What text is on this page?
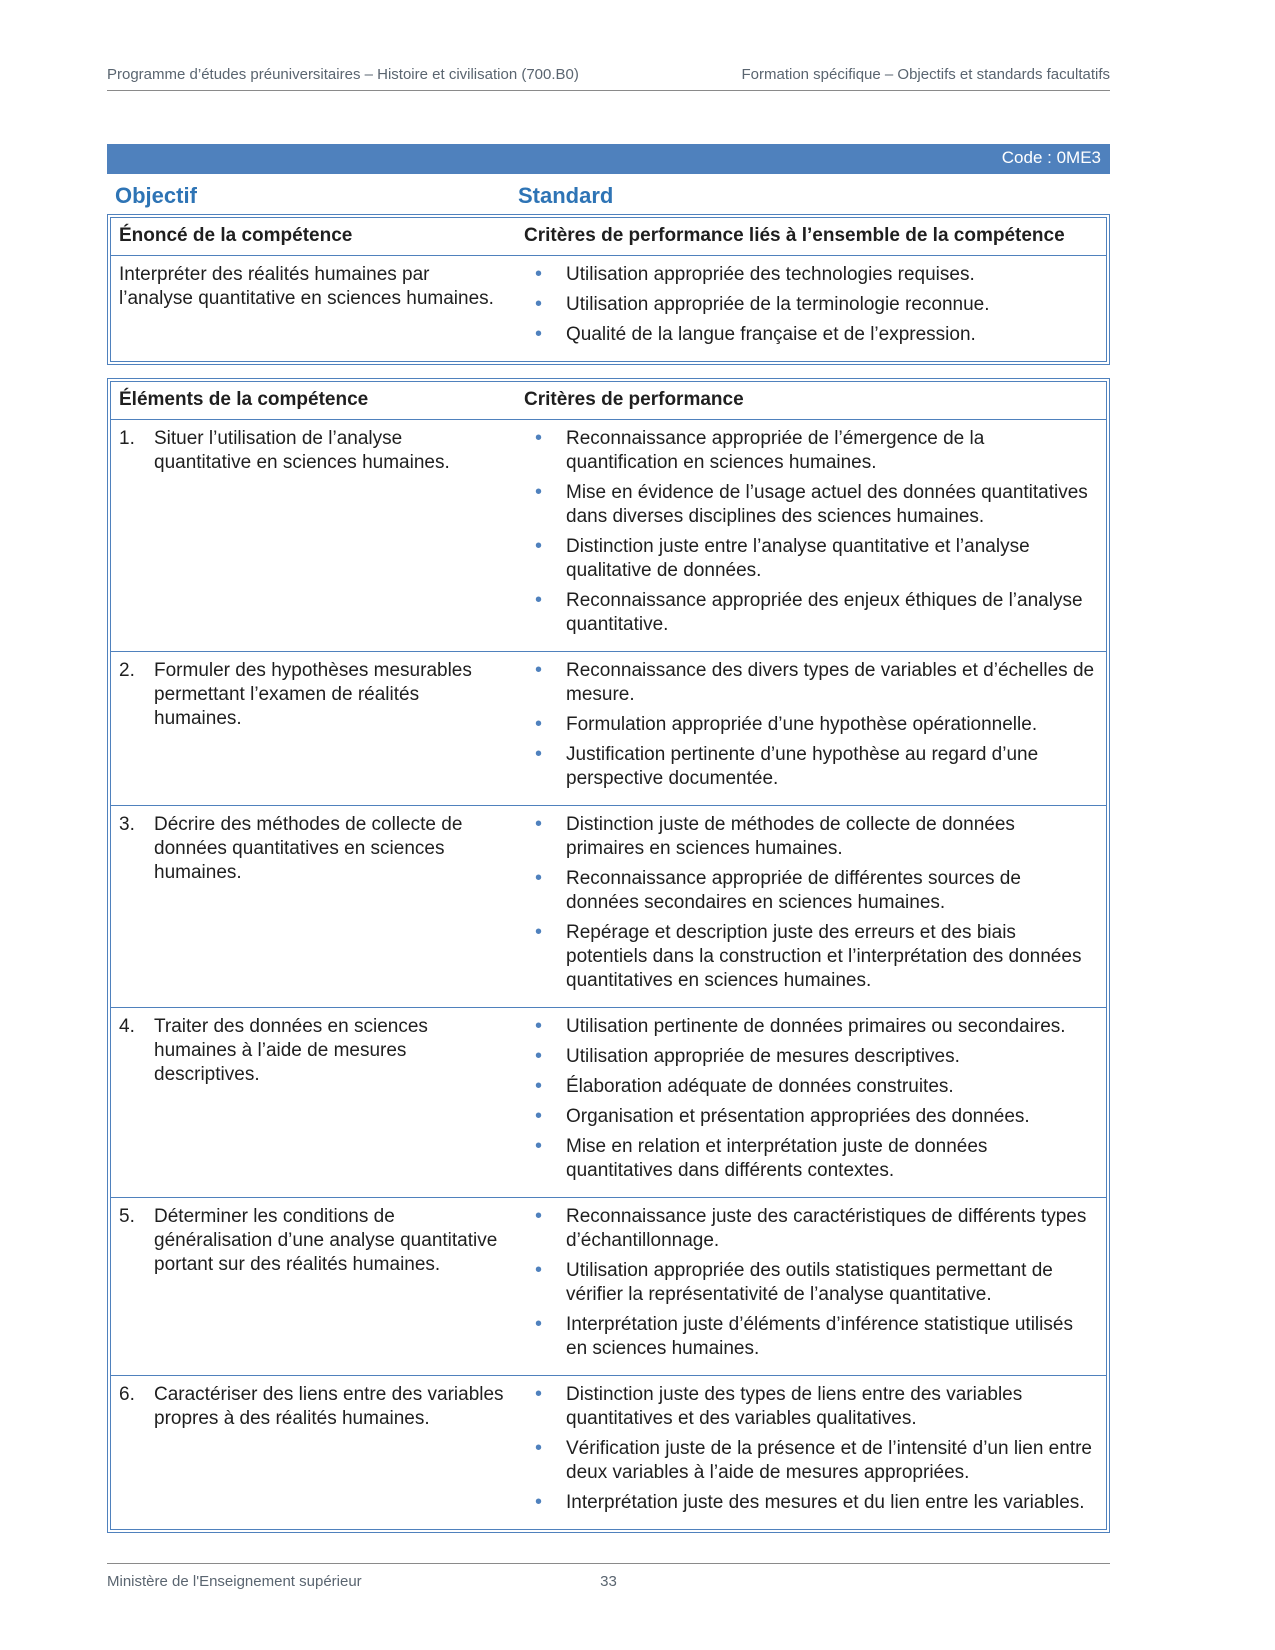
Programme d’études préuniversitaires – Histoire et civilisation (700.B0)	Formation spécifique – Objectifs et standards facultatifs
Code : 0ME3
Objectif	Standard
Énoncé de la compétence	Critères de performance liés à l’ensemble de la compétence
Interpréter des réalités humaines par l’analyse quantitative en sciences humaines.
• Utilisation appropriée des technologies requises.
• Utilisation appropriée de la terminologie reconnue.
• Qualité de la langue française et de l’expression.
Éléments de la compétence	Critères de performance
1.	Situer l’utilisation de l’analyse quantitative en sciences humaines.
• Reconnaissance appropriée de l’émergence de la quantification en sciences humaines.
• Mise en évidence de l’usage actuel des données quantitatives dans diverses disciplines des sciences humaines.
• Distinction juste entre l’analyse quantitative et l’analyse qualitative de données.
• Reconnaissance appropriée des enjeux éthiques de l’analyse quantitative.
2.	Formuler des hypothèses mesurables permettant l’examen de réalités humaines.
• Reconnaissance des divers types de variables et d’échelles de mesure.
• Formulation appropriée d’une hypothèse opérationnelle.
• Justification pertinente d’une hypothèse au regard d’une perspective documentée.
3.	Décrire des méthodes de collecte de données quantitatives en sciences humaines.
• Distinction juste de méthodes de collecte de données primaires en sciences humaines.
• Reconnaissance appropriée de différentes sources de données secondaires en sciences humaines.
• Repérage et description juste des erreurs et des biais potentiels dans la construction et l’interprétation des données quantitatives en sciences humaines.
4.	Traiter des données en sciences humaines à l’aide de mesures descriptives.
• Utilisation pertinente de données primaires ou secondaires.
• Utilisation appropriée de mesures descriptives.
• Élaboration adéquate de données construites.
• Organisation et présentation appropriées des données.
• Mise en relation et interprétation juste de données quantitatives dans différents contextes.
5.	Déterminer les conditions de généralisation d’une analyse quantitative portant sur des réalités humaines.
• Reconnaissance juste des caractéristiques de différents types d’échantillonnage.
• Utilisation appropriée des outils statistiques permettant de vérifier la représentativité de l’analyse quantitative.
• Interprétation juste d’éléments d’inférence statistique utilisés en sciences humaines.
6.	Caractériser des liens entre des variables propres à des réalités humaines.
• Distinction juste des types de liens entre des variables quantitatives et des variables qualitatives.
• Vérification juste de la présence et de l’intensité d’un lien entre deux variables à l’aide de mesures appropriées.
• Interprétation juste des mesures et du lien entre les variables.
Ministère de l'Enseignement supérieur	33
